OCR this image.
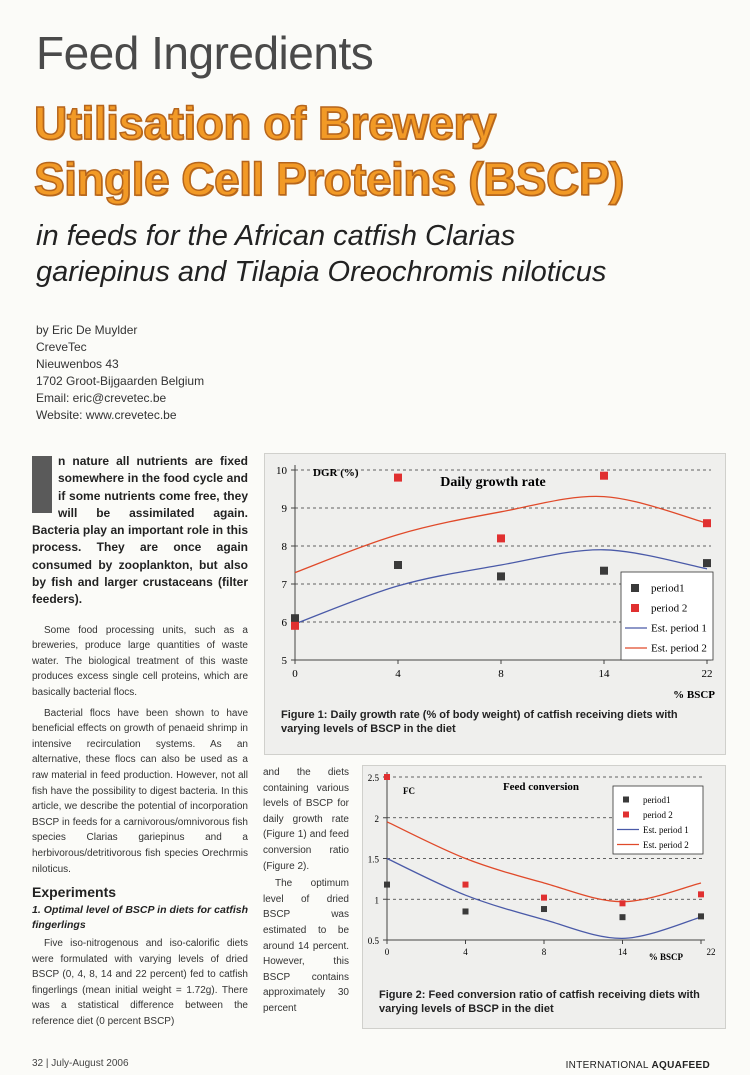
Feed Ingredients
Utilisation of Brewery
Single Cell Proteins (BSCP)
in feeds for the African catfish Clarias
gariepinus and Tilapia Oreochromis niloticus
by Eric De Muylder
CreveTec
Nieuwenbos 43
1702 Groot-Bijgaarden Belgium
Email: eric@crevetec.be
Website: www.crevetec.be
n nature all nutrients are fixed somewhere in the food cycle and if some nutrients come free, they will be assimilated again. Bacteria play an important role in this process. They are once again consumed by zooplankton, but also by fish and larger crustaceans (filter feeders).

Some food processing units, such as a breweries, produce large quantities of waste water. The biological treatment of this waste produces excess single cell proteins, which are basically bacterial flocs.

Bacterial flocs have been shown to have beneficial effects on growth of penaeid shrimp in intensive recirculation systems. As an alternative, these flocs can also be used as a raw material in feed production. However, not all fish have the possibility to digest bacteria. In this article, we describe the potential of incorporation BSCP in feeds for a carnivorous/omnivorous fish species Clarias gariepinus and a herbivorous/detritivorous fish species Orechrmis niloticus.

Experiments
1. Optimal level of BSCP in diets for catfish fingerlings

Five iso-nitrogenous and iso-calorific diets were formulated with varying levels of dried BSCP (0, 4, 8, 14 and 22 percent) fed to catfish fingerlings (mean initial weight = 1.72g). There was a statistical difference between the reference diet (0 percent BSCP)

and the diets containing various levels of BSCP for daily growth rate (Figure 1) and feed conversion ratio (Figure 2).

The optimum level of dried BSCP was estimated to be around 14 percent. However, this BSCP contains approximately 30 percent

5
6
7
8
9
10
0	4	8	14	22
DGR (%)
Daily growth rate
% BSCP
period1
period 2
Est. period 1
Est. period 2
Figure 1: Daily growth rate (% of body weight) of catfish receiving diets with varying levels of BSCP in the diet
0.5
1
1.5
2
2.5
0	4	8	14	22
FC	Feed conversion
% BSCP
period1
period 2
Est. period 1
Est. period 2
Figure 2: Feed conversion ratio of catfish receiving diets with varying levels of BSCP in the diet
32 | July-August 2006	INTERNATIONAL AQUAFEED
